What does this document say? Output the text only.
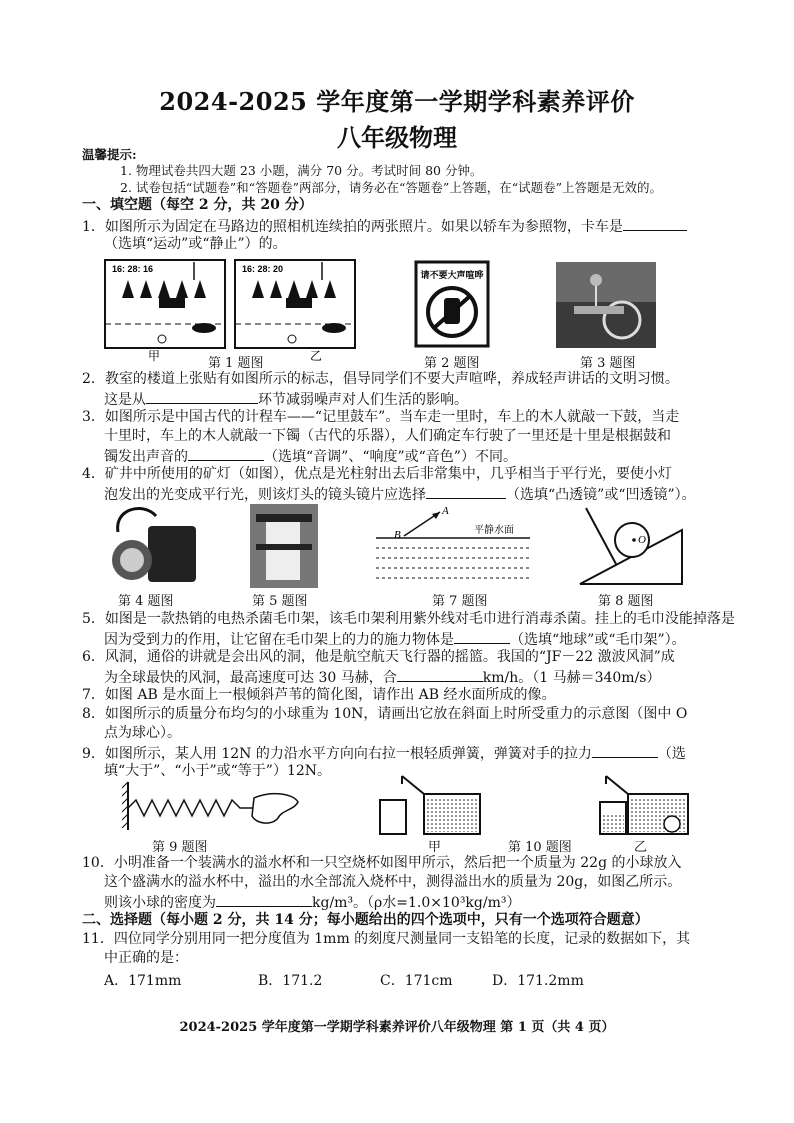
2024-2025 学年度第一学期学科素养评价
八年级物理
温馨提示:
1. 物理试卷共四大题 23 小题，满分 70 分。考试时间 80 分钟。
2. 试卷包括“试题卷”和“答题卷”两部分，请务必在“答题卷”上答题，在“试题卷”上答题是无效的。
一、填空题（每空 2 分，共 20 分）
1．如图所示为固定在马路边的照相机连续拍的两张照片。如果以轿车为参照物，卡车是
（选填“运动”或“静止”）的。
16: 28: 16	16: 28: 20
甲	乙
第 1 题图
请不要大声喧哗
第 2 题图	第 3 题图
2．教室的楼道上张贴有如图所示的标志，倡导同学们不要大声喧哗，养成轻声讲话的文明习惯。
这是从	环节减弱噪声对人们生活的影响。
3．如图所示是中国古代的计程车——“记里鼓车”。当车走一里时，车上的木人就敲一下鼓，当走
十里时，车上的木人就敲一下镯（古代的乐器），人们确定车行驶了一里还是十里是根据鼓和
镯发出声音的	（选填“音调”、“响度”或“音色”）不同。
4．矿井中所使用的矿灯（如图），优点是光柱射出去后非常集中，几乎相当于平行光，要使小灯
泡发出的光变成平行光，则该灯头的镜头镜片应选择	（选填“凸透镜”或“凹透镜”）。
第 4 题图	第 5 题图
B
A
平静水面
第 7 题图
O
第 8 题图
5．如图是一款热销的电热杀菌毛巾架，该毛巾架利用紫外线对毛巾进行消毒杀菌。挂上的毛巾没能掉落是
因为受到力的作用，让它留在毛巾架上的力的施力物体是	（选填“地球”或“毛巾架”）。
6．风洞，通俗的讲就是会出风的洞，他是航空航天飞行器的摇篮。我国的“JF－22 激波风洞”成
为全球最快的风洞，最高速度可达 30 马赫，合	km/h。（1 马赫＝340m/s）
7．如图 AB 是水面上一根倾斜芦苇的简化图，请作出 AB 经水面所成的像。
8．如图所示的质量分布均匀的小球重为 10N，请画出它放在斜面上时所受重力的示意图（图中 O
点为球心）。
9．如图所示，某人用 12N 的力沿水平方向向右拉一根轻质弹簧，弹簧对手的拉力	（选
填“大于”、“小于”或“等于”）12N。
第 9 题图	甲	第 10 题图	乙
10．小明准备一个装满水的溢水杯和一只空烧杯如图甲所示，然后把一个质量为 22g 的小球放入
这个盛满水的溢水杯中，溢出的水全部流入烧杯中，测得溢出水的质量为 20g，如图乙所示。
则该小球的密度为	kg/m³。（ρ水=1.0×10³kg/m³）
二、选择题（每小题 2 分，共 14 分；每小题给出的四个选项中，只有一个选项符合题意）
11．四位同学分别用同一把分度值为 1mm 的刻度尺测量同一支铅笔的长度，记录的数据如下，其
中正确的是：
A．171mm	B．171.2	C．171cm	D．171.2mm
2024-2025 学年度第一学期学科素养评价八年级物理 第 1 页（共 4 页）
